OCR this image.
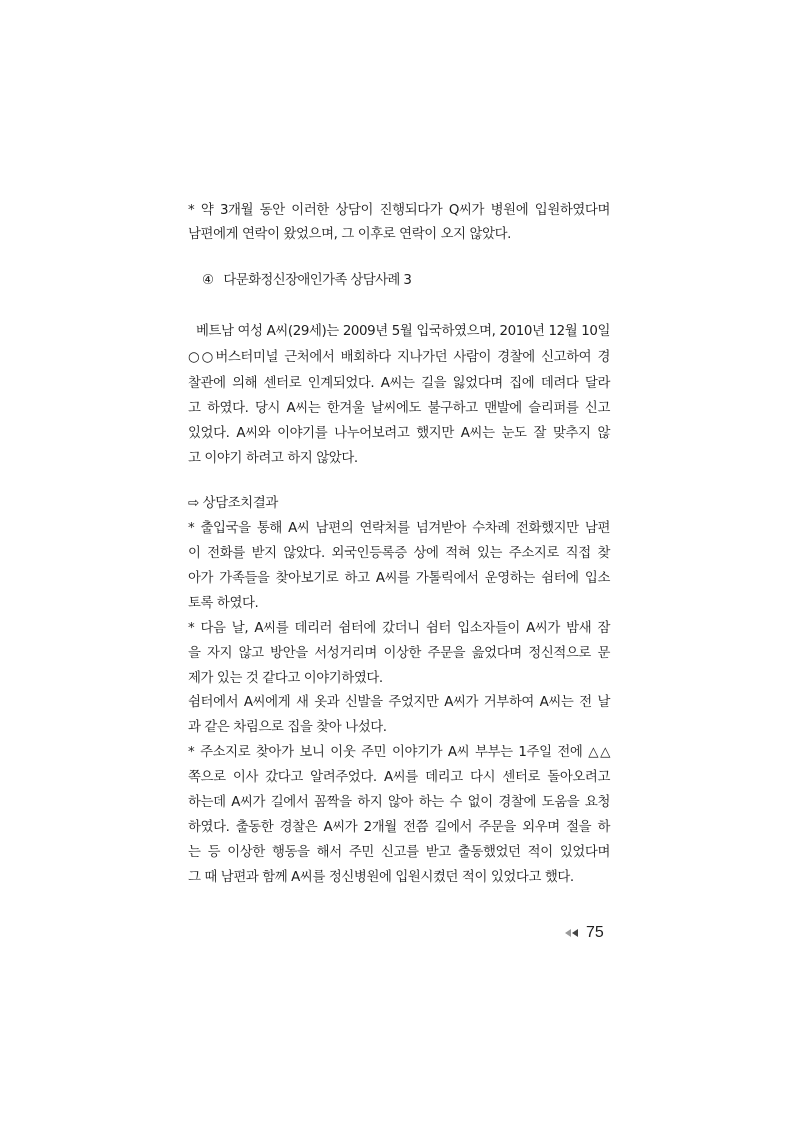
* 약 3개월 동안 이러한 상담이 진행되다가 Q씨가 병원에 입원하였다며
남편에게 연락이 왔었으며, 그 이후로 연락이 오지 않았다.
④ 다문화정신장애인가족 상담사례 3
베트남 여성 A씨(29세)는 2009년 5월 입국하였으며, 2010년 12월 10일
○○버스터미널 근처에서 배회하다 지나가던 사람이 경찰에 신고하여 경
찰관에 의해 센터로 인계되었다. A씨는 길을 잃었다며 집에 데려다 달라
고 하였다. 당시 A씨는 한겨울 날씨에도 불구하고 맨발에 슬리퍼를 신고
있었다. A씨와 이야기를 나누어보려고 했지만 A씨는 눈도 잘 맞추지 않
고 이야기 하려고 하지 않았다.
⇨ 상담조치결과
* 출입국을 통해 A씨 남편의 연락처를 넘겨받아 수차례 전화했지만 남편
이 전화를 받지 않았다. 외국인등록증 상에 적혀 있는 주소지로 직접 찾
아가 가족들을 찾아보기로 하고 A씨를 가톨릭에서 운영하는 쉼터에 입소
토록 하였다.
* 다음 날, A씨를 데리러 쉼터에 갔더니 쉼터 입소자들이 A씨가 밤새 잠
을 자지 않고 방안을 서성거리며 이상한 주문을 읊었다며 정신적으로 문
제가 있는 것 같다고 이야기하였다.
쉼터에서 A씨에게 새 옷과 신발을 주었지만 A씨가 거부하여 A씨는 전 날
과 같은 차림으로 집을 찾아 나섰다.
* 주소지로 찾아가 보니 이웃 주민 이야기가 A씨 부부는 1주일 전에 △△
쪽으로 이사 갔다고 알려주었다. A씨를 데리고 다시 센터로 돌아오려고
하는데 A씨가 길에서 꼼짝을 하지 않아 하는 수 없이 경찰에 도움을 요청
하였다. 출동한 경찰은 A씨가 2개월 전쯤 길에서 주문을 외우며 절을 하
는 등 이상한 행동을 해서 주민 신고를 받고 출동했었던 적이 있었다며
그 때 남편과 함께 A씨를 정신병원에 입원시켰던 적이 있었다고 했다.
75
